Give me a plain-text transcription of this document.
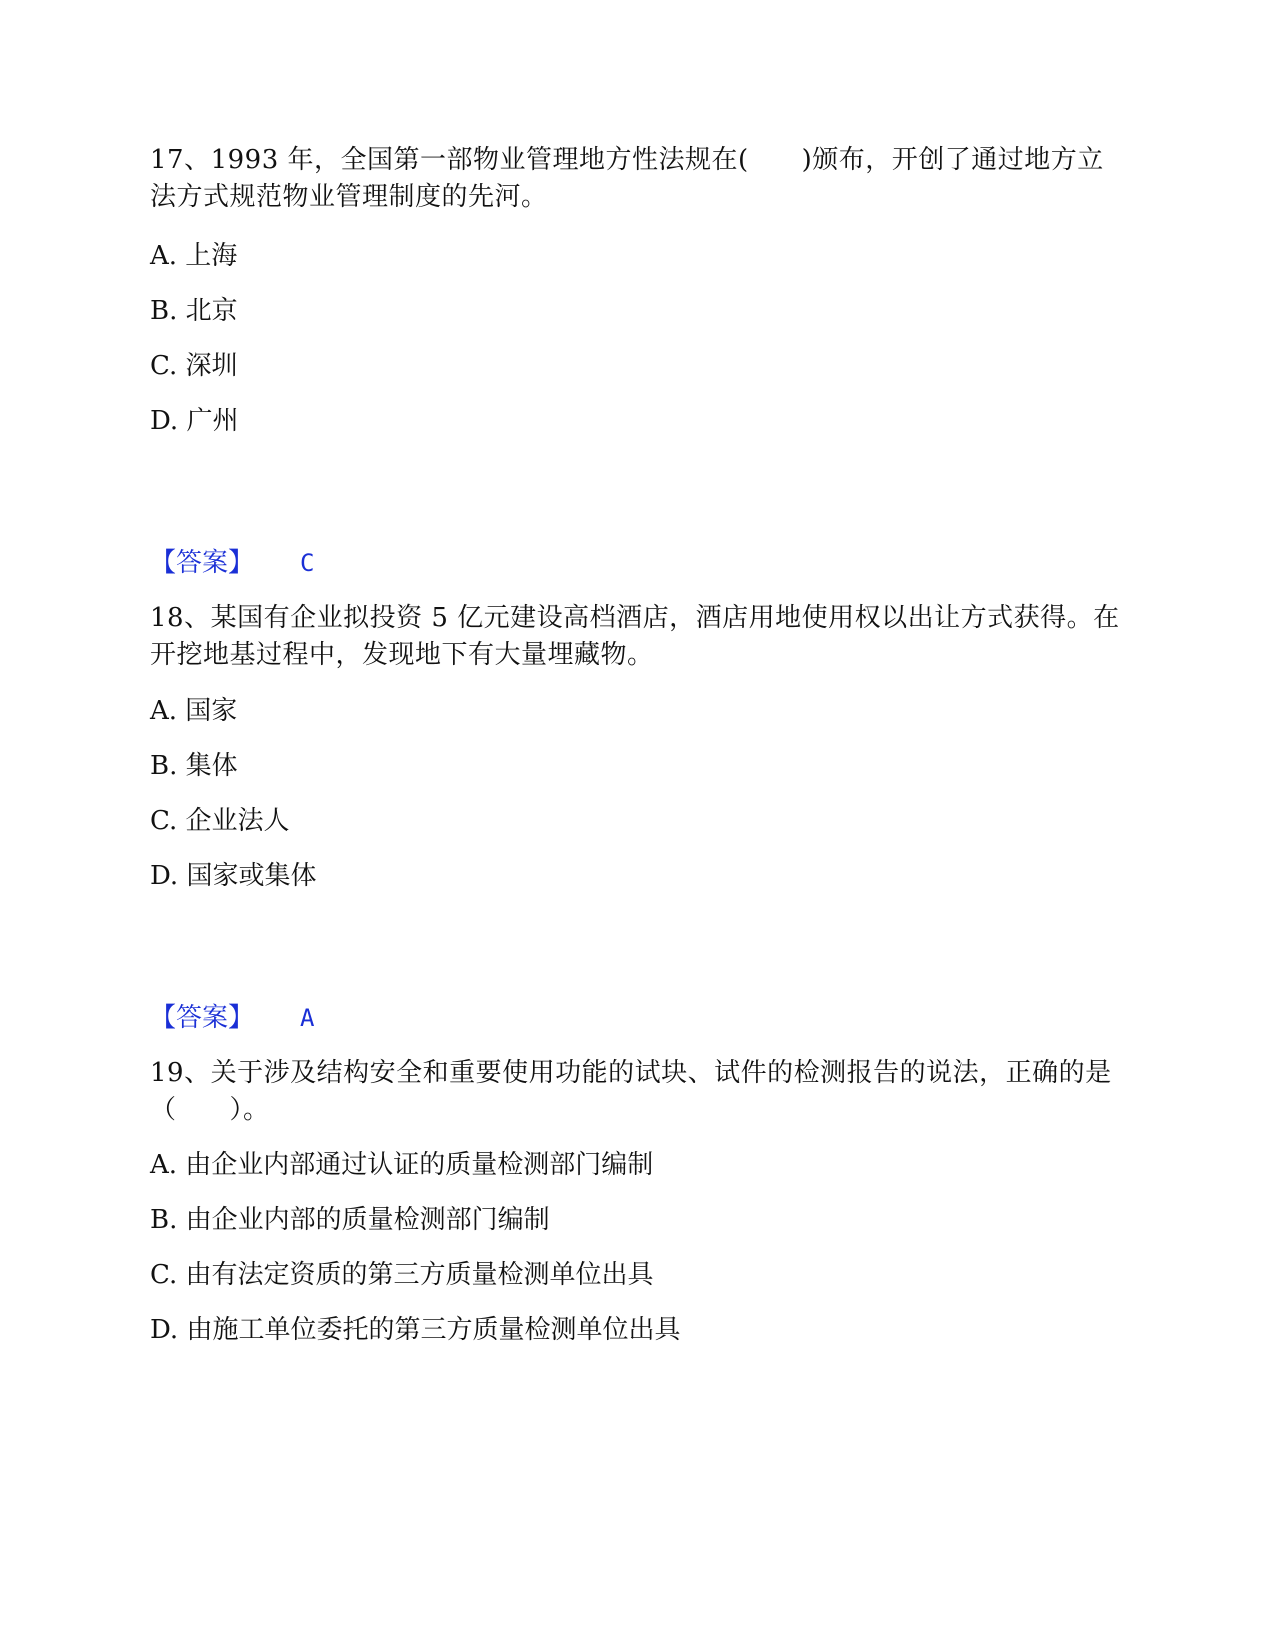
17、1993 年，全国第一部物业管理地方性法规在(　　)颁布，开创了通过地方立法方式规范物业管理制度的先河。

A. 上海

B. 北京

C. 深圳

D. 广州

【答案】 C

18、某国有企业拟投资 5 亿元建设高档酒店，酒店用地使用权以出让方式获得。在开挖地基过程中，发现地下有大量埋藏物。

A. 国家

B. 集体

C. 企业法人

D. 国家或集体

【答案】 A

19、关于涉及结构安全和重要使用功能的试块、试件的检测报告的说法，正确的是（　　）。

A. 由企业内部通过认证的质量检测部门编制

B. 由企业内部的质量检测部门编制

C. 由有法定资质的第三方质量检测单位出具

D. 由施工单位委托的第三方质量检测单位出具
